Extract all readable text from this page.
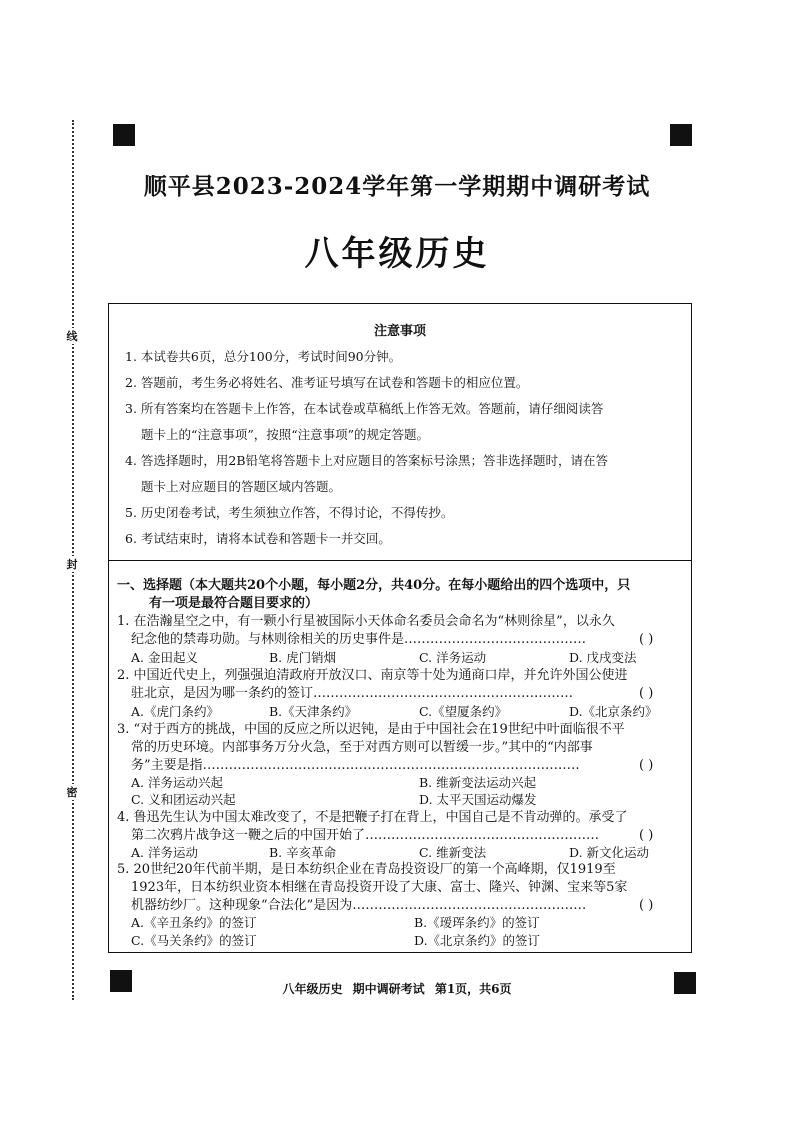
线
封
密
顺平县2023-2024学年第一学期期中调研考试
八年级历史
注意事项
1. 本试卷共6页，总分100分，考试时间90分钟。
2. 答题前，考生务必将姓名、准考证号填写在试卷和答题卡的相应位置。
3. 所有答案均在答题卡上作答，在本试卷或草稿纸上作答无效。答题前，请仔细阅读答
题卡上的“注意事项”，按照“注意事项”的规定答题。
4. 答选择题时，用2B铅笔将答题卡上对应题目的答案标号涂黑；答非选择题时，请在答
题卡上对应题目的答题区域内答题。
5. 历史闭卷考试，考生须独立作答，不得讨论，不得传抄。
6. 考试结束时，请将本试卷和答题卡一并交回。
一、选择题（本大题共20个小题，每小题2分，共40分。在每小题给出的四个选项中，只
有一项是最符合题目要求的）
1. 在浩瀚星空之中，有一颗小行星被国际小天体命名委员会命名为“林则徐星”，以永久
纪念他的禁毒功勋。与林则徐相关的历史事件是……………………………………	( )
A. 金田起义	B. 虎门销烟	C. 洋务运动	D. 戊戌变法
2. 中国近代史上，列强强迫清政府开放汉口、南京等十处为通商口岸，并允许外国公使进
驻北京，是因为哪一条约的签订……………………………………………………	( )
A.《虎门条约》	B.《天津条约》	C.《望厦条约》	D.《北京条约》
3. “对于西方的挑战，中国的反应之所以迟钝，是由于中国社会在19世纪中叶面临很不平
常的历史环境。内部事务万分火急，至于对西方则可以暂缓一步。”其中的“内部事
务”主要是指……………………………………………………………………………	( )
A. 洋务运动兴起	B. 维新变法运动兴起
C. 义和团运动兴起	D. 太平天国运动爆发
4. 鲁迅先生认为中国太难改变了，不是把鞭子打在背上，中国自己是不肯动弹的。承受了
第二次鸦片战争这一鞭之后的中国开始了………………………………………………	( )
A. 洋务运动	B. 辛亥革命	C. 维新变法	D. 新文化运动
5. 20世纪20年代前半期，是日本纺织企业在青岛投资设厂的第一个高峰期，仅1919至
1923年，日本纺织业资本相继在青岛投资开设了大康、富士、隆兴、钟渊、宝来等5家
机器纺纱厂。这种现象“合法化”是因为………………………………………………	( )
A.《辛丑条约》的签订	B.《瑷珲条约》的签订
C.《马关条约》的签订	D.《北京条约》的签订
八年级历史 期中调研考试 第1页，共6页
